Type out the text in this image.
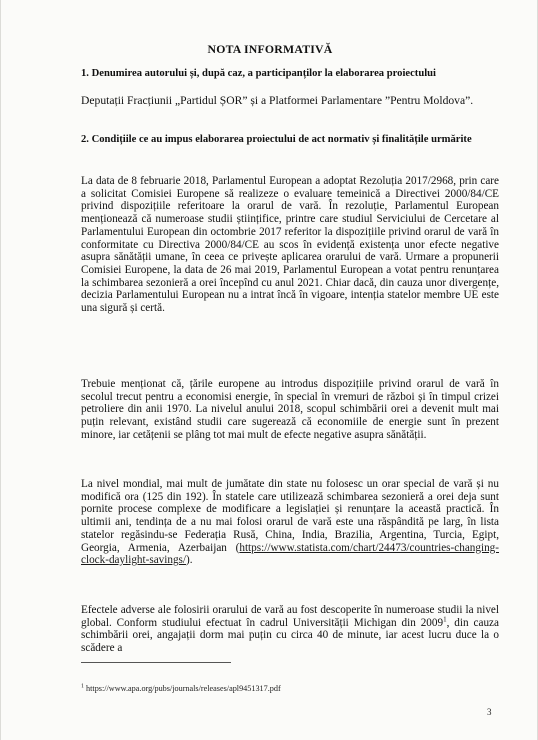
NOTA INFORMATIVĂ
1. Denumirea autorului și, după caz, a participanților la elaborarea proiectului
Deputații Fracțiunii „Partidul ȘOR” și a Platformei Parlamentare ”Pentru Moldova”.
2. Condițiile ce au impus elaborarea proiectului de act normativ și finalitățile urmărite
La data de 8 februarie 2018, Parlamentul European a adoptat Rezoluția 2017/2968, prin care a solicitat Comisiei Europene să realizeze o evaluare temeinică a Directivei 2000/84/CE privind dispozițiile referitoare la orarul de vară. În rezoluție, Parlamentul European menționează că numeroase studii științifice, printre care studiul Serviciului de Cercetare al Parlamentului European din octombrie 2017 referitor la dispozițiile privind orarul de vară în conformitate cu Directiva 2000/84/CE au scos în evidență existența unor efecte negative asupra sănătății umane, în ceea ce privește aplicarea orarului de vară. Urmare a propunerii Comisiei Europene, la data de 26 mai 2019, Parlamentul European a votat pentru renunțarea la schimbarea sezonieră a orei începînd cu anul 2021. Chiar dacă, din cauza unor divergențe, decizia Parlamentului European nu a intrat încă în vigoare, intenția statelor membre UE este una sigură și certă.
Trebuie menționat că, țările europene au introdus dispozițiile privind orarul de vară în secolul trecut pentru a economisi energie, în special în vremuri de război și în timpul crizei petroliere din anii 1970. La nivelul anului 2018, scopul schimbării orei a devenit mult mai puțin relevant, existând studii care sugerează că economiile de energie sunt în prezent minore, iar cetățenii se plâng tot mai mult de efecte negative asupra sănătății.
La nivel mondial, mai mult de jumătate din state nu folosesc un orar special de vară și nu modifică ora (125 din 192). În statele care utilizează schimbarea sezonieră a orei deja sunt pornite procese complexe de modificare a legislației și renunțare la această practică. În ultimii ani, tendința de a nu mai folosi orarul de vară este una răspândită pe larg, în lista statelor regăsindu-se Federația Rusă, China, India, Brazilia, Argentina, Turcia, Egipt, Georgia, Armenia, Azerbaijan (https://www.statista.com/chart/24473/countries-changing-clock-daylight-savings/).
Efectele adverse ale folosirii orarului de vară au fost descoperite în numeroase studii la nivel global. Conform studiului efectuat în cadrul Universității Michigan din 2009$^1$, din cauza schimbării orei, angajații dorm mai puțin cu circa 40 de minute, iar acest lucru duce la o scădere a
$^1$ https://www.apa.org/pubs/journals/releases/apl9451317.pdf
3
